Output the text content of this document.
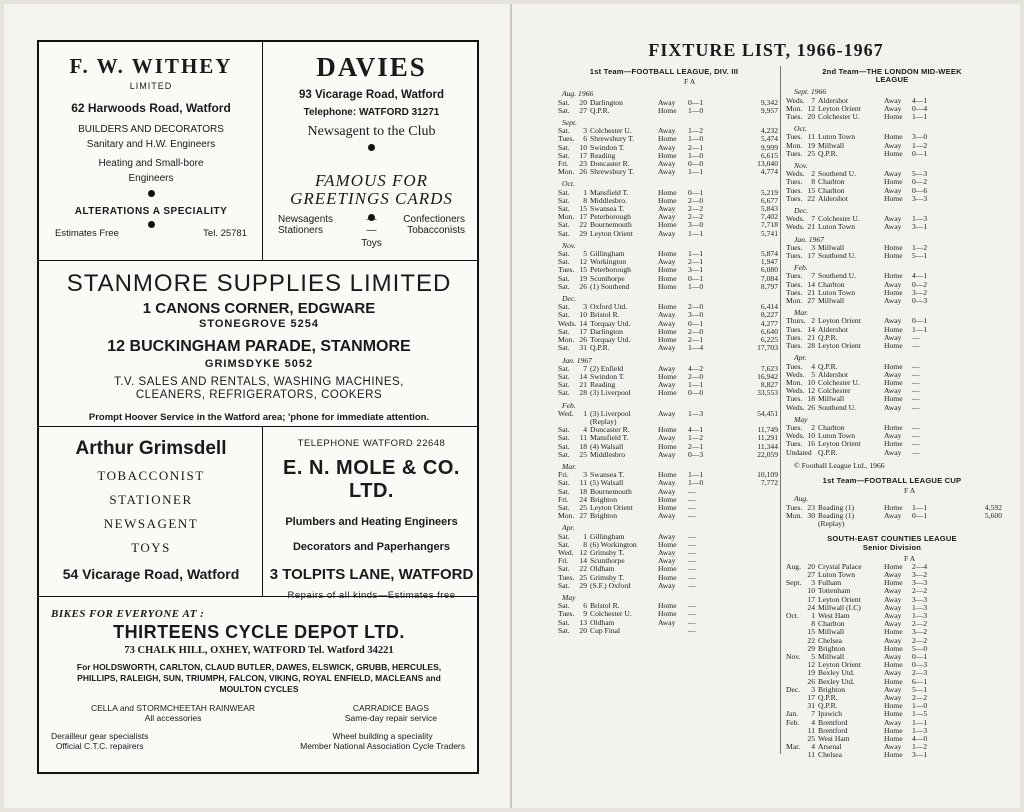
F. W. WITHEY
LIMITED
62 Harwoods Road, Watford
BUILDERS AND DECORATORS
Sanitary and H.W. Engineers
Heating and Small-bore
Engineers
ALTERATIONS A SPECIALITY
Estimates Free	Tel. 25781
DAVIES
93 Vicarage Road, Watford
Telephone: WATFORD 31271
Newsagent to the Club
FAMOUS FOR
GREETINGS CARDS
Newsagents	—	Confectioners
Stationers	—	Tobacconists
Toys
STANMORE SUPPLIES LIMITED
1 CANONS CORNER, EDGWARE
STONEGROVE 5254
12 BUCKINGHAM PARADE, STANMORE
GRIMSDYKE 5052
T.V. SALES AND RENTALS, WASHING MACHINES,
CLEANERS, REFRIGERATORS, COOKERS
Prompt Hoover Service in the Watford area; 'phone for immediate attention.
Arthur Grimsdell
TOBACCONIST
STATIONER
NEWSAGENT
TOYS
54 Vicarage Road, Watford
TELEPHONE WATFORD 22648
E. N. MOLE & CO. LTD.
Plumbers and Heating Engineers
Decorators and Paperhangers
3 TOLPITS LANE, WATFORD
Repairs of all kinds—Estimates free
BIKES FOR EVERYONE AT :
THIRTEENS CYCLE DEPOT LTD.
73 CHALK HILL, OXHEY, WATFORD Tel. Watford 34221
For HOLDSWORTH, CARLTON, CLAUD BUTLER, DAWES, ELSWICK, GRUBB, HERCULES,
PHILLIPS, RALEIGH, SUN, TRIUMPH, FALCON, VIKING, ROYAL ENFIELD, MACLEANS and
MOULTON CYCLES
CELLA and STORMCHEETAH RAINWEAR
All accessories
CARRADICE BAGS
Same-day repair service
Derailleur gear specialists
Official C.T.C. repairers
Wheel building a speciality
Member National Association Cycle Traders
FIXTURE LIST, 1966-1967
1st Team—FOOTBALL LEAGUE, DIV. III
F A
Aug. 1966
Sat.	20 Darlington	Away	0—1	9,342
Sat.	27 Q.P.R.	Home	1—0	9,957
Sept.
Sat.	3 Colchester U.	Away	1—2	4,232
Tues.	6 Shrewsbury T.	Home	1—0	5,474
Sat.	10 Swindon T.	Away	2—1	9,999
Sat.	17 Reading	Home	1—0	6,615
Fri.	23 Doncaster R.	Away	0—0	13,040
Mon. 26 Shrewsbury T.	Away	1—1	4,774
Oct.
Sat.	1 Mansfield T.	Home	0—1	5,219
Sat.	8 Middlesbro.	Home	2—0	6,677
Sat.	15 Swansea T.	Away	2—2	5,843
Mon. 17 Peterborough	Away	2—2	7,402
Sat.	22 Bournemouth	Home	3—0	7,718
Sat.	29 Leyton Orient	Away	1—1	5,741
Nov.
Sat.	5 Gillingham	Home	1—1	5,874
Sat.	12 Workington	Away	2—1	1,947
Tues. 15 Peterborough	Home	3—1	6,080
Sat.	19 Scunthorpe	Home	0—1	7,084
Sat.	26 (1) Southend	Home	1—0	8,797
Dec.
Sat.	3 Oxford Utd.	Home	2—0	6,414
Sat.	10 Bristol R.	Away	3—0	8,227
Weds. 14 Torquay Utd.	Away	0—1	4,277
Sat.	17 Darlington	Home	2—0	6,640
Mon. 26 Torquay Utd.	Home	2—1	6,225
Sat.	31 Q.P.R.	Away	1—4	17,703
Jan. 1967
Sat.	7 (2) Enfield	Away	4—2	7,623
Sat.	14 Swindon T.	Home	2—0	16,942
Sat.	21 Reading	Away	1—1	8,827
Sat.	28 (3) Liverpool	Home	0—0	33,553
Feb.
Wed.	1 (3) Liverpool	Away	1—3	54,451
(Replay)
Sat.	4 Doncaster R.	Home	4—1	11,749
Sat.	11 Mansfield T.	Away	1—2	11,291
Sat.	18 (4) Walsall	Home	2—1	11,344
Sat.	25 Middlesbro	Away	0—3	22,059
Mar.
Fri.	3 Swansea T.	Home	1—1	10,109
Sat.	11 (5) Walsall	Away	1—0	7,772
Sat.	18 Bournemouth	Away	—
Fri.	24 Brighton	Home	—
Sat.	25 Leyton Orient	Home	—
Mon. 27 Brighton	Away	—
Apr.
Sat.	1 Gillingham	Away	—
Sat.	8 (6) Workington	Home	—
Wed. 12 Grimsby T.	Away	—
Fri.	14 Scunthorpe	Away	—
Sat.	22 Oldham	Home	—
Tues. 25 Grimsby T.	Home	—
Sat.	29 (S.F.) Oxford	Away	—
May
Sat.	6 Bristol R.	Home	—
Tues.	9 Colchester U.	Home	—
Sat.	13 Oldham	Away	—
Sat.	20 Cup Final	—
2nd Team—THE LONDON MID-WEEK
LEAGUE
Sept. 1966
Weds. 7 Aldershot	Away	4—1
Mon. 12 Leyton Orient	Away	0—4
Tues. 20 Colchester U.	Home	1—1
Oct.
Tues. 11 Luton Town	Home	3—0
Mon. 19 Millwall	Away	1—2
Tues. 25 Q.P.R.	Home	0—1
Nov.
Weds. 2 Southend U.	Away	5—3
Tues.	8 Charlton	Home	0—2
Tues. 15 Charlton	Away	0—6
Tues. 22 Aldershot	Home	3—3
Dec.
Weds. 7 Colchester U.	Away	1—3
Weds. 21 Luton Town	Away	3—1
Jan. 1967
Tues.	3 Millwall	Home	1—2
Tues. 17 Southend U.	Home	5—1
Feb.
Tues.	7 Southend U.	Home	4—1
Tues. 14 Charlton	Away	0—2
Tues. 21 Luton Town	Home	3—2
Mon. 27 Millwall	Away	0—3
Mar.
Thurs. 2 Leyton Orient	Away	0—1
Tues. 14 Aldershot	Home	1—1
Tues. 21 Q.P.R.	Away	—
Tues. 28 Leyton Orient	Home	—
Apr.
Tues.	4 Q.P.R.	Home	—
Weds. 5 Aldershot	Away	—
Mon. 10 Colchester U.	Home	—
Weds. 12 Colchester	Away	—
Tues. 18 Millwall	Home	—
Weds. 26 Southend U.	Away	—
May
Tues.	2 Charlton	Home	—
Weds. 10 Luton Town	Away	—
Tues. 16 Leyton Orient	Home	—
Undated Q.P.R.	Away	—
© Football League Ltd., 1966
1st Team—FOOTBALL LEAGUE CUP
F A
Aug.
Tues. 23 Reading (1)	Home	1—1	4,592
Mon. 30 Reading (1)	Away	0—1	5,600
(Replay)
SOUTH-EAST COUNTIES LEAGUE
Senior Division
F A
Aug. 20 Crystal Palace	Home	2—4
27 Luton Town	Away	3—2
Sept.	3 Fulham	Home	3—3
10 Tottenham	Away	2—2
17 Leyton Orient	Away	3—3
24 Millwall (LC)	Away	1—3
Oct.	1 West Ham	Away	1—3
8 Charlton	Away	2—2
15 Millwall	Home	3—2
22 Chelsea	Away	2—2
29 Brighton	Home	5—0
Nov.	5 Millwall	Away	0—1
12 Leyton Orient	Home	0—3
19 Bexley Utd.	Away	2—3
26 Bexley Utd.	Home	6—1
Dec.	3 Brighton	Away	5—1
17 Q.P.R.	Away	2—2
31 Q.P.R.	Home	1—0
Jan.	7 Ipswich	Home	1—5
Feb.	4 Brentford	Away	1—1
11 Brentford	Home	1—3
25 West Ham	Home	4—0
Mar.	4 Arsenal	Away	1—2
11 Chelsea	Home	3—1
